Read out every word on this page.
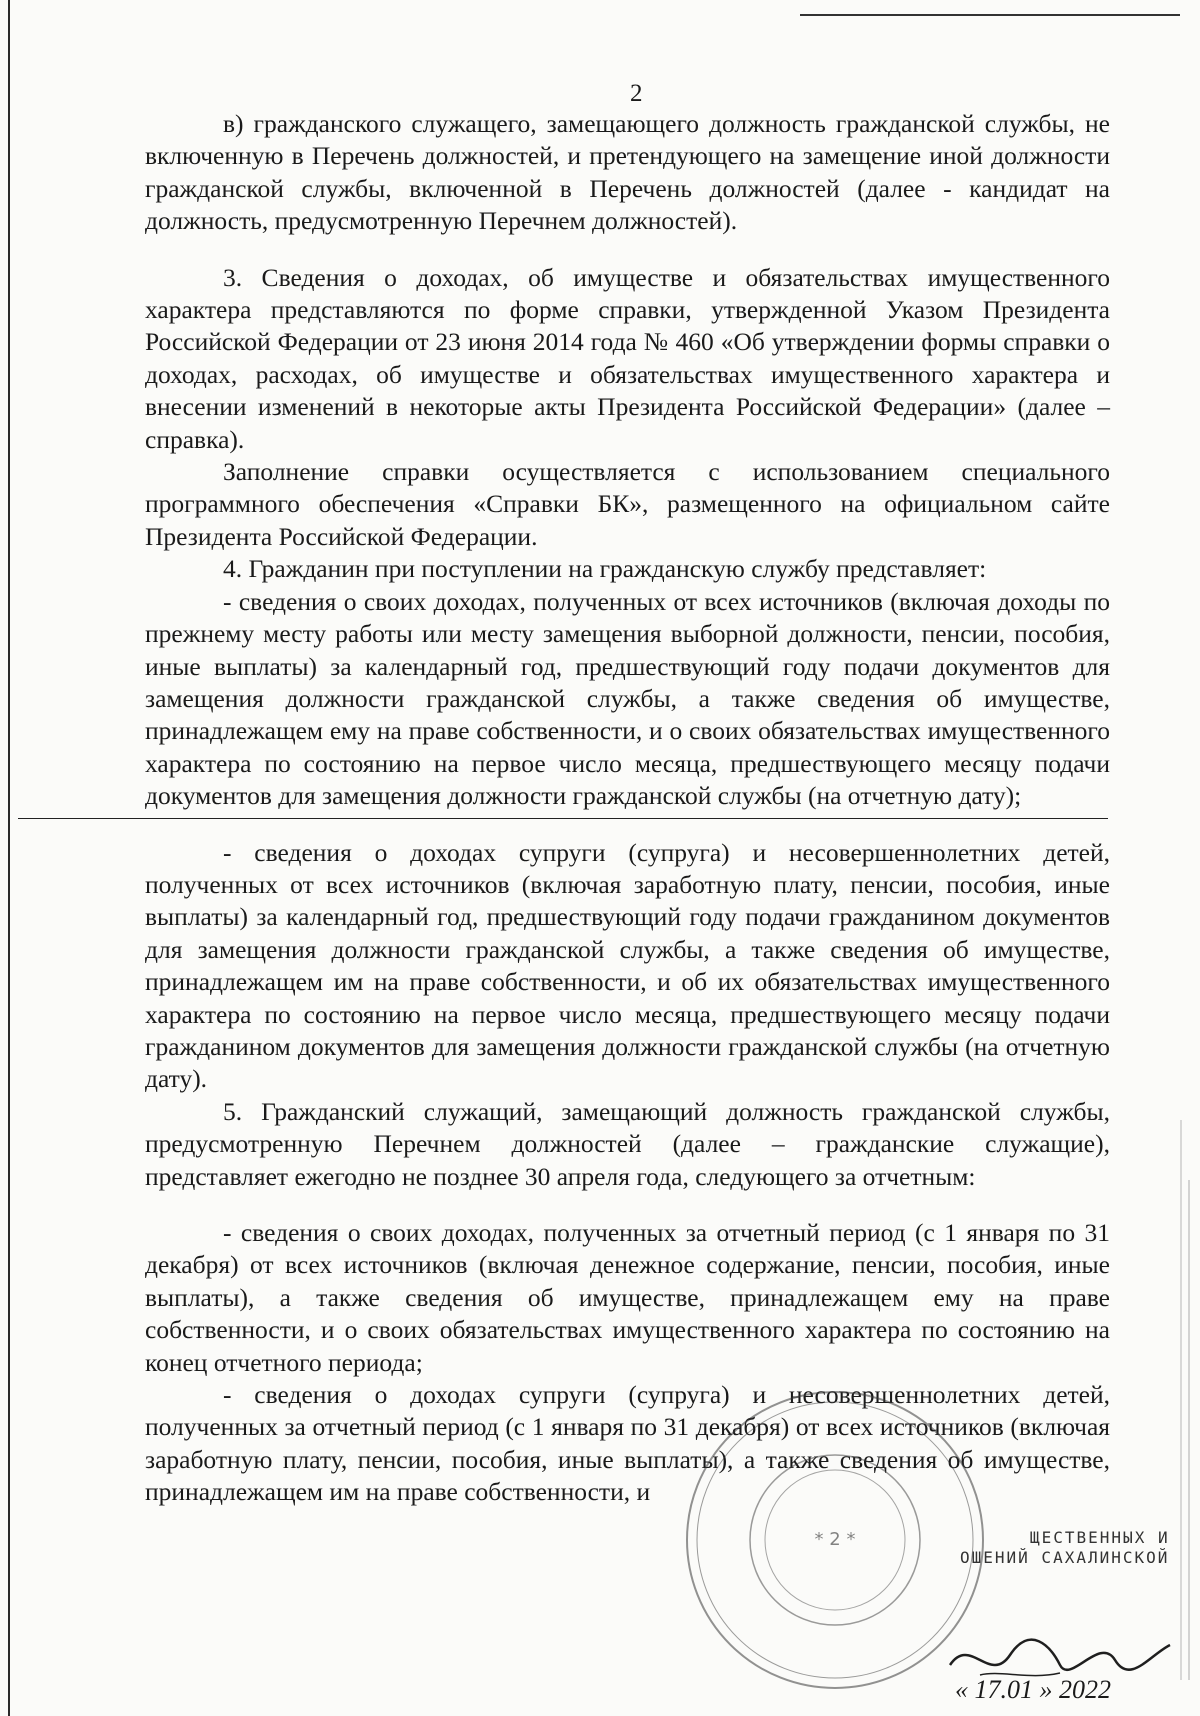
2

в) гражданского служащего, замещающего должность гражданской службы, не включенную в Перечень должностей, и претендующего на замещение иной должности гражданской службы, включенной в Перечень должностей (далее - кандидат на должность, предусмотренную Перечнем должностей).

3. Сведения о доходах, об имуществе и обязательствах имущественного характера представляются по форме справки, утвержденной Указом Президента Российской Федерации от 23 июня 2014 года № 460 «Об утверждении формы справки о доходах, расходах, об имуществе и обязательствах имущественного характера и внесении изменений в некоторые акты Президента Российской Федерации» (далее – справка).

Заполнение справки осуществляется с использованием специального программного обеспечения «Справки БК», размещенного на официальном сайте Президента Российской Федерации.

4. Гражданин при поступлении на гражданскую службу представляет:

- сведения о своих доходах, полученных от всех источников (включая доходы по прежнему месту работы или месту замещения выборной должности, пенсии, пособия, иные выплаты) за календарный год, предшествующий году подачи документов для замещения должности гражданской службы, а также сведения об имуществе, принадлежащем ему на праве собственности, и о своих обязательствах имущественного характера по состоянию на первое число месяца, предшествующего месяцу подачи документов для замещения должности гражданской службы (на отчетную дату);

- сведения о доходах супруги (супруга) и несовершеннолетних детей, полученных от всех источников (включая заработную плату, пенсии, пособия, иные выплаты) за календарный год, предшествующий году подачи гражданином документов для замещения должности гражданской службы, а также сведения об имуществе, принадлежащем им на праве собственности, и об их обязательствах имущественного характера по состоянию на первое число месяца, предшествующего месяцу подачи гражданином документов для замещения должности гражданской службы (на отчетную дату).

5. Гражданский служащий, замещающий должность гражданской службы, предусмотренную Перечнем должностей (далее – гражданские служащие), представляет ежегодно не позднее 30 апреля года, следующего за отчетным:

- сведения о своих доходах, полученных за отчетный период (с 1 января по 31 декабря) от всех источников (включая денежное содержание, пенсии, пособия, иные выплаты), а также сведения об имуществе, принадлежащем ему на праве собственности, и о своих обязательствах имущественного характера по состоянию на конец отчетного периода;

- сведения о доходах супруги (супруга) и несовершеннолетних детей, полученных за отчетный период (с 1 января по 31 декабря) от всех источников (включая заработную плату, пенсии, пособия, иные выплаты), а также сведения об имуществе, принадлежащем им на праве собственности, и

* 2 *	ЩЕСТВЕННЫХ И
ОШЕНИЙ САХАЛИНСКОЙ
« 17.01 » 2022
